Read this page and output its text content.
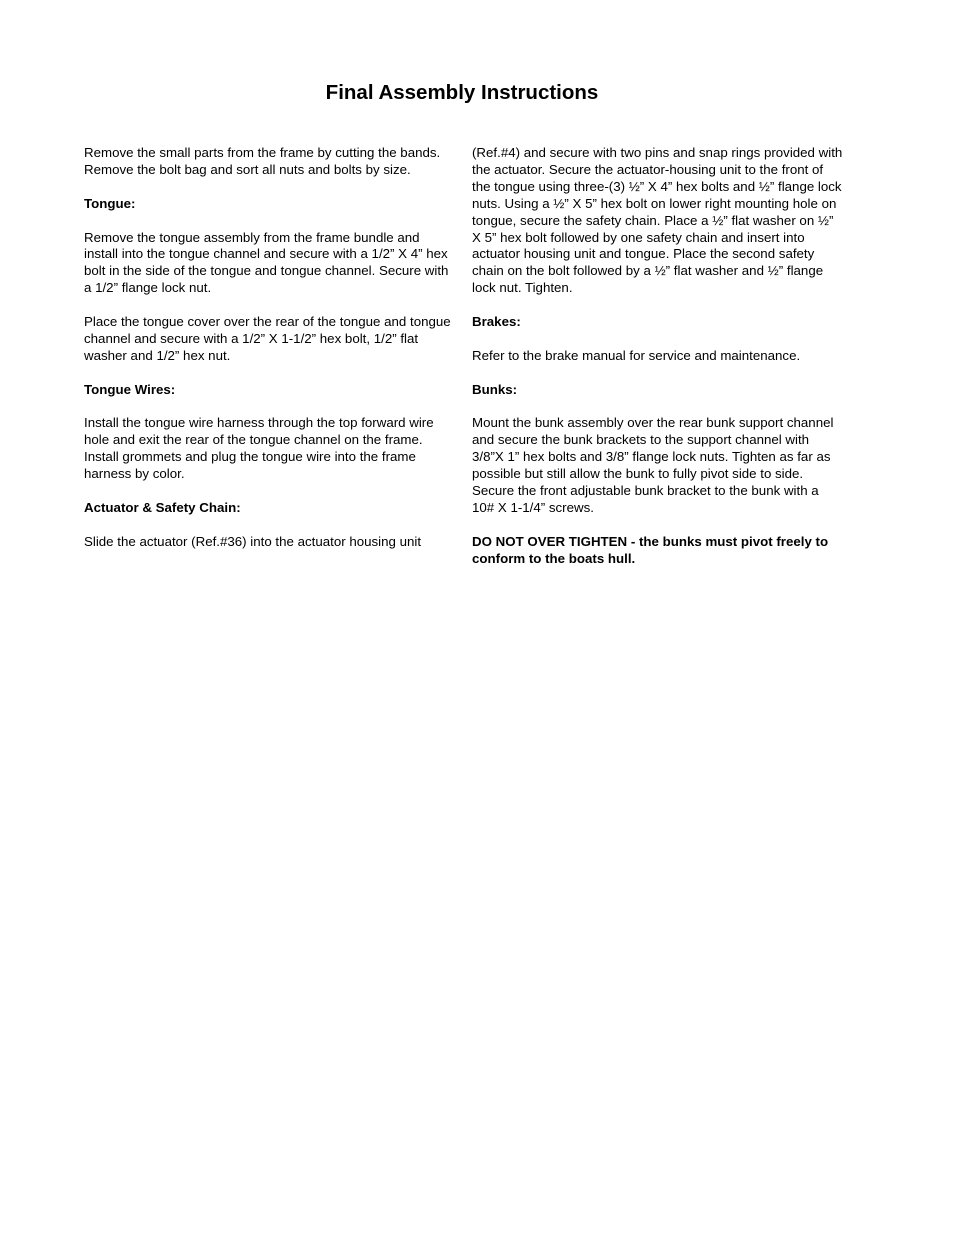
Final Assembly Instructions

Remove the small parts from the frame by cutting the bands. Remove the bolt bag and sort all nuts and bolts by size.

Tongue:

Remove the tongue assembly from the frame bundle and install into the tongue channel and secure with a 1/2” X 4” hex bolt in the side of the tongue and tongue channel. Secure with a 1/2” flange lock nut.

Place the tongue cover over the rear of the tongue and tongue channel and secure with a 1/2” X 1-1/2” hex bolt, 1/2” flat washer and 1/2” hex nut.

Tongue Wires:

Install the tongue wire harness through the top forward wire hole and exit the rear of the tongue channel on the frame. Install grommets and plug the tongue wire into the frame harness by color.

Actuator & Safety Chain:

Slide the actuator (Ref.#36) into the actuator housing unit

(Ref.#4) and secure with two pins and snap rings provided with the actuator. Secure the actuator-housing unit to the front of the tongue using three-(3) ½” X 4” hex bolts and ½” flange lock nuts. Using a ½” X 5” hex bolt on lower right mounting hole on tongue, secure the safety chain. Place a ½” flat washer on ½” X 5” hex bolt followed by one safety chain and insert into actuator housing unit and tongue. Place the second safety chain on the bolt followed by a ½” flat washer and ½” flange lock nut. Tighten.

Brakes:

Refer to the brake manual for service and maintenance.

Bunks:

Mount the bunk assembly over the rear bunk support channel and secure the bunk brackets to the support channel with 3/8”X 1” hex bolts and 3/8” flange lock nuts. Tighten as far as possible but still allow the bunk to fully pivot side to side. Secure the front adjustable bunk bracket to the bunk with a 10# X 1-1/4” screws.

DO NOT OVER TIGHTEN - the bunks must pivot freely to conform to the boats hull.
